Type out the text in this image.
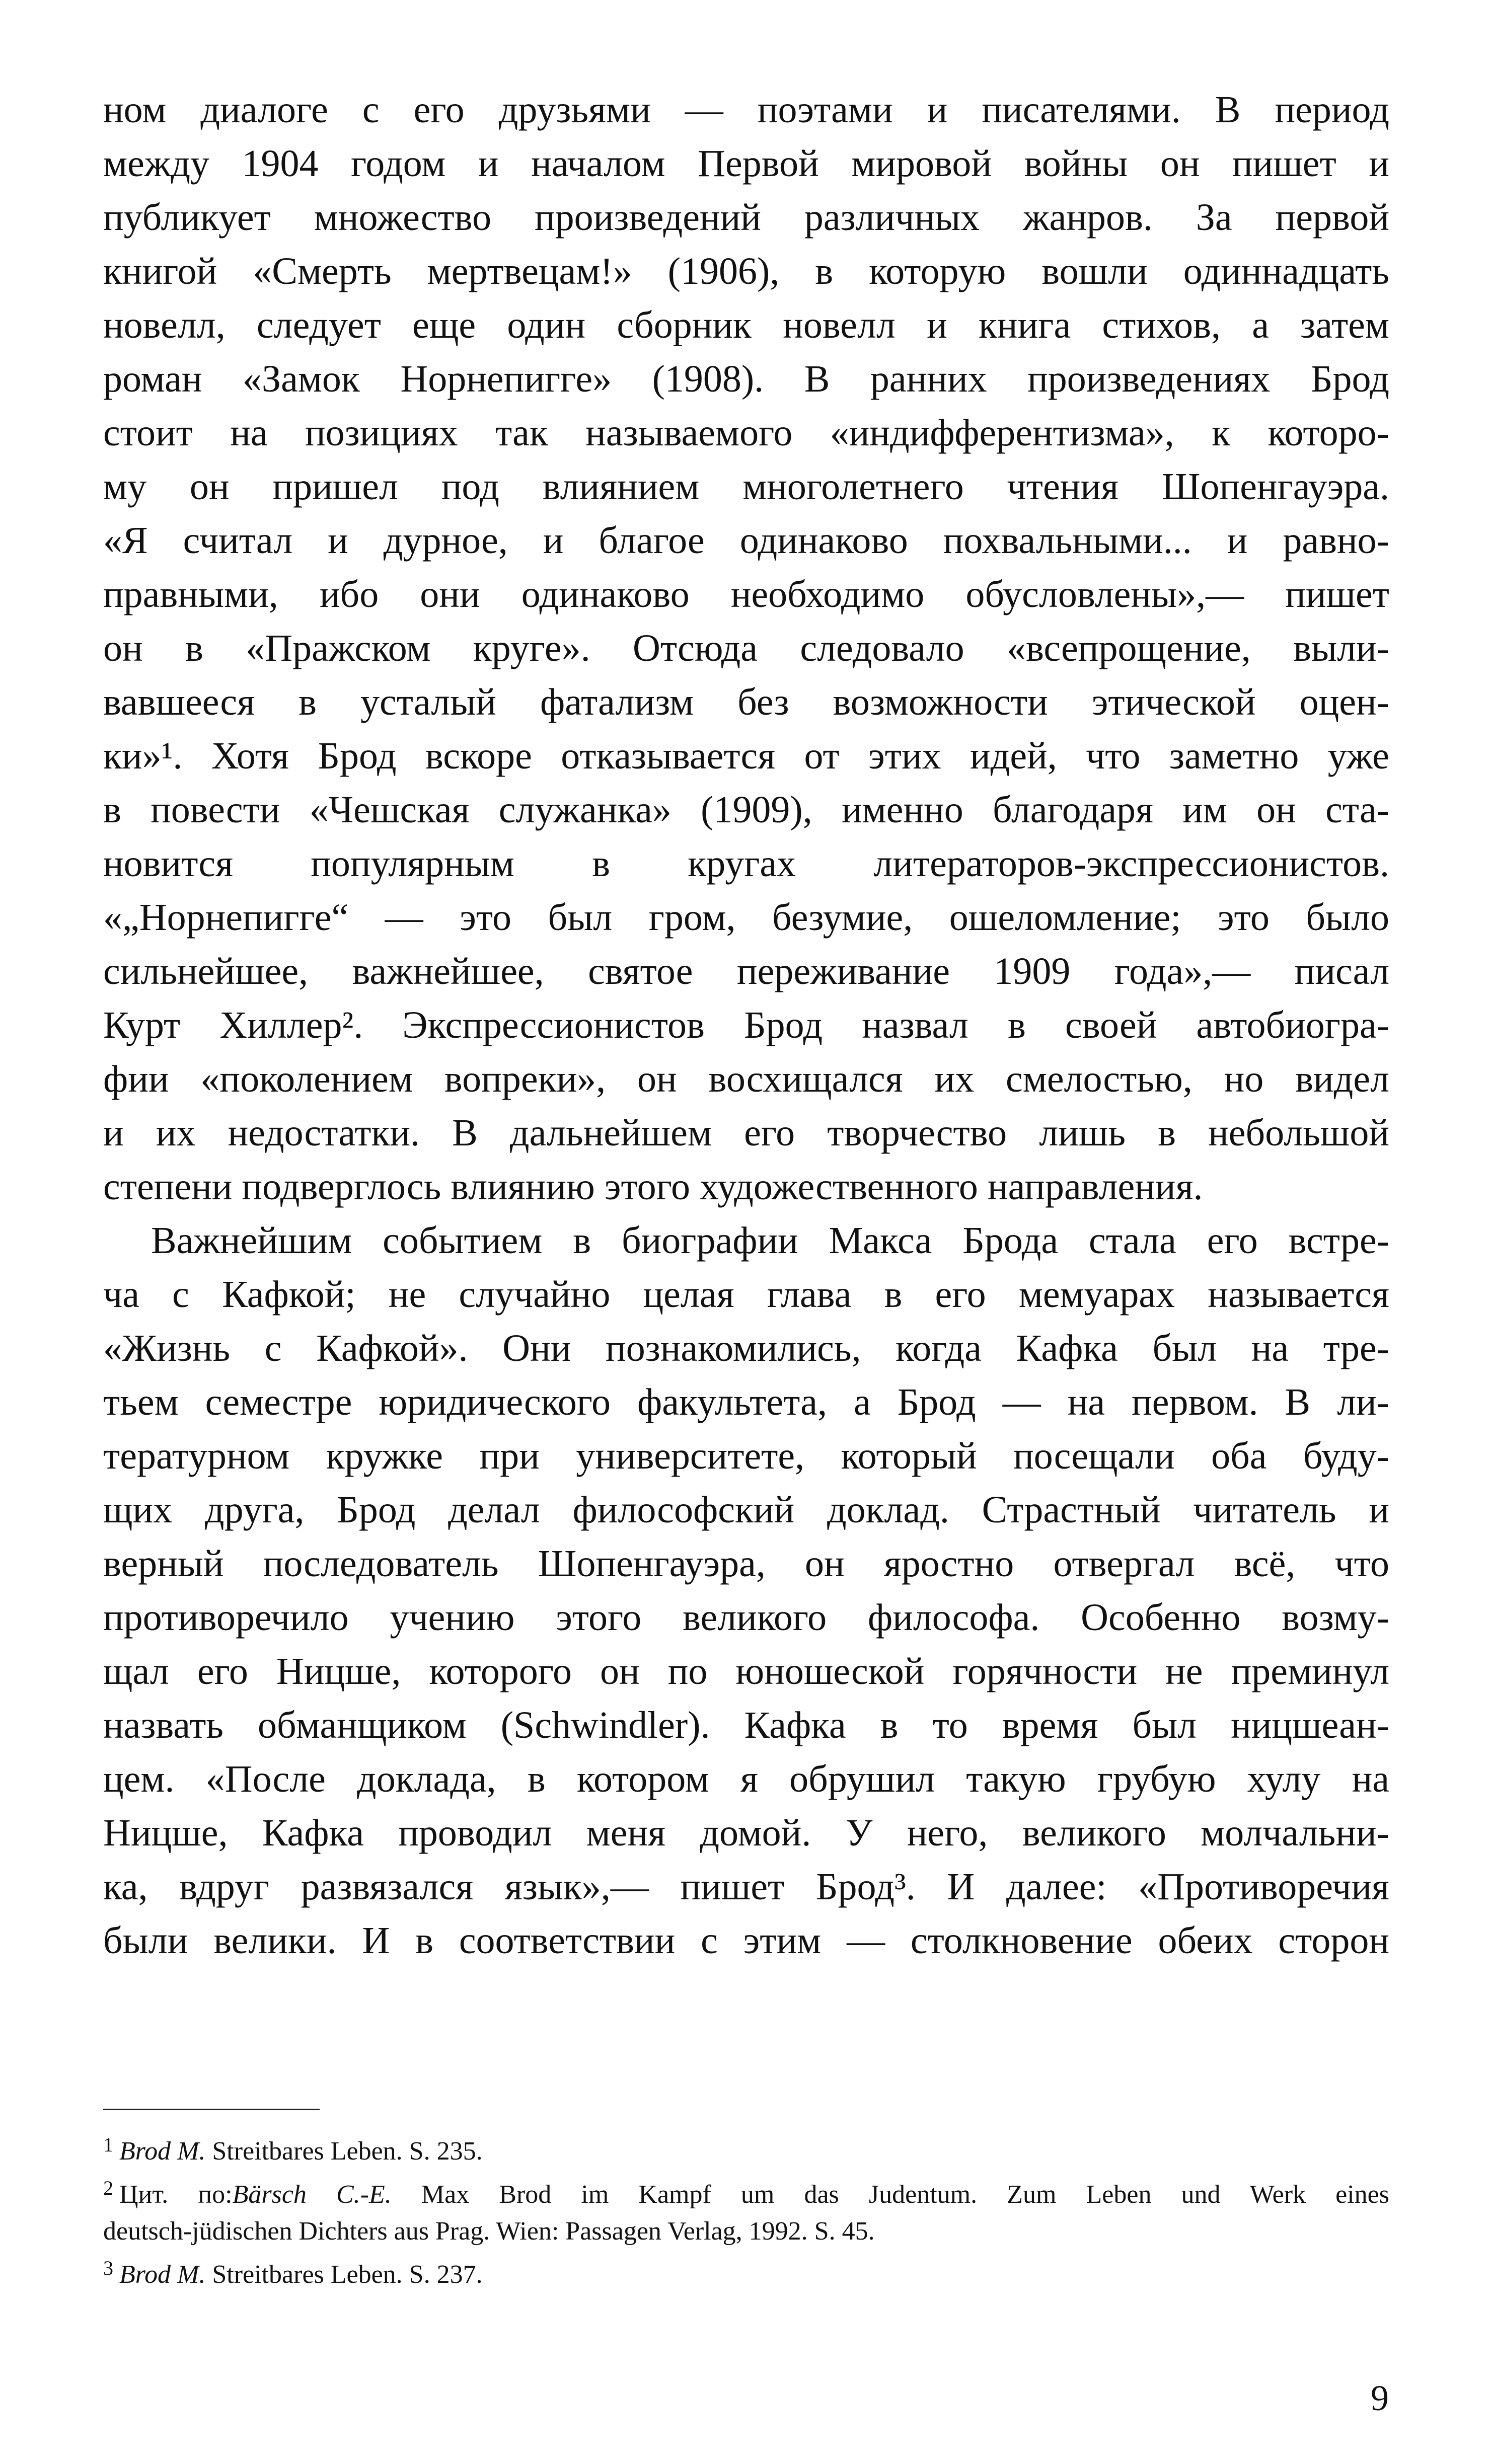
ном диалоге с его друзьями — поэтами и писателями. В период
между 1904 годом и началом Первой мировой войны он пишет и
публикует множество произведений различных жанров. За первой
книгой «Смерть мертвецам!» (1906), в которую вошли одиннадцать
новелл, следует еще один сборник новелл и книга стихов, а затем
роман «Замок Норнепигге» (1908). В ранних произведениях Брод
стоит на позициях так называемого «индифферентизма», к которо-
му он пришел под влиянием многолетнего чтения Шопенгауэра.
«Я считал и дурное, и благое одинаково похвальными... и равно-
правными, ибо они одинаково необходимо обусловлены»,— пишет
он в «Пражском круге». Отсюда следовало «всепрощение, выли-
вавшееся в усталый фатализм без возможности этической оцен-
ки»¹. Хотя Брод вскоре отказывается от этих идей, что заметно уже
в повести «Чешская служанка» (1909), именно благодаря им он ста-
новится популярным в кругах литераторов-экспрессионистов.
«„Норнепигге“ — это был гром, безумие, ошеломление; это было
сильнейшее, важнейшее, святое переживание 1909 года»,— писал
Курт Хиллер². Экспрессионистов Брод назвал в своей автобиогра-
фии «поколением вопреки», он восхищался их смелостью, но видел
и их недостатки. В дальнейшем его творчество лишь в небольшой
степени подверглось влиянию этого художественного направления.

Важнейшим событием в биографии Макса Брода стала его встре-
ча с Кафкой; не случайно целая глава в его мемуарах называется
«Жизнь с Кафкой». Они познакомились, когда Кафка был на тре-
тьем семестре юридического факультета, а Брод — на первом. В ли-
тературном кружке при университете, который посещали оба буду-
щих друга, Брод делал философский доклад. Страстный читатель и
верный последователь Шопенгауэра, он яростно отвергал всё, что
противоречило учению этого великого философа. Особенно возму-
щал его Ницше, которого он по юношеской горячности не преминул
назвать обманщиком (Schwindler). Кафка в то время был ницшеан-
цем. «После доклада, в котором я обрушил такую грубую хулу на
Ницше, Кафка проводил меня домой. У него, великого молчальни-
ка, вдруг развязался язык»,— пишет Брод³. И далее: «Противоречия
были велики. И в соответствии с этим — столкновение обеих сторон

$^1$ Brod M. Streitbares Leben. S. 235.
$^2$ Цит. по:Bärsch C.-E. Max Brod im Kampf um das Judentum. Zum Leben und Werk eines
deutsch-jüdischen Dichters aus Prag. Wien: Passagen Verlag, 1992. S. 45.
$^3$ Brod M. Streitbares Leben. S. 237.
9
